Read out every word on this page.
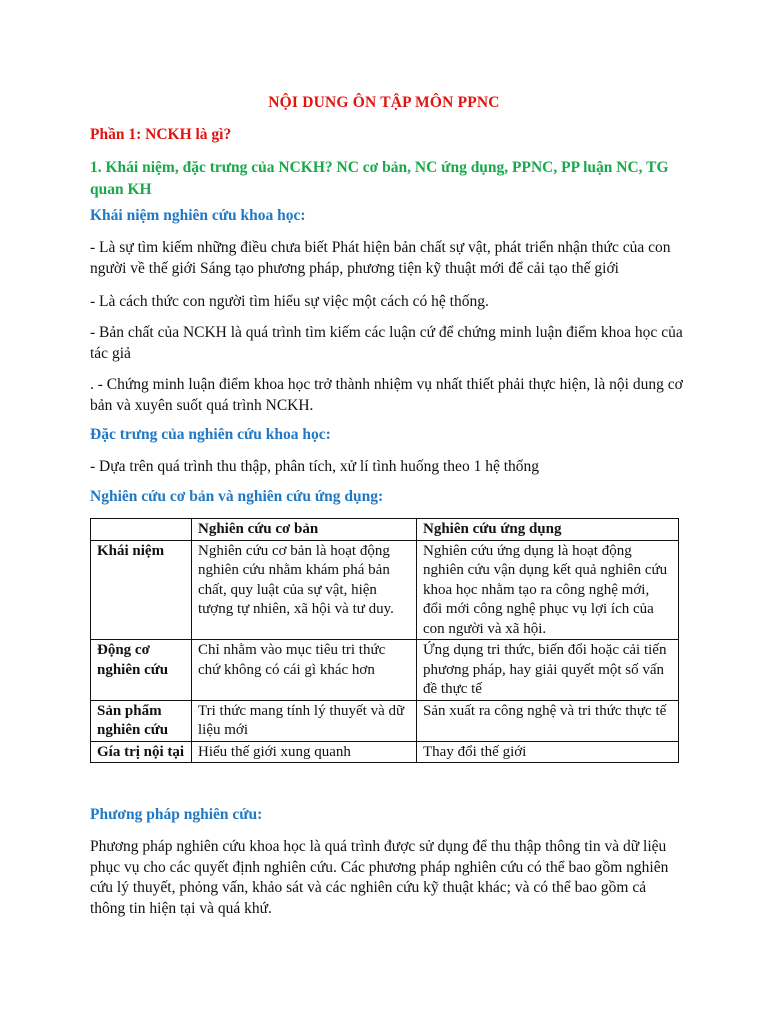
NỘI DUNG ÔN TẬP MÔN PPNC
Phần 1: NCKH là gì?
1. Khái niệm, đặc trưng của NCKH? NC cơ bản, NC ứng dụng, PPNC, PP luận NC, TG quan KH
Khái niệm nghiên cứu khoa học:
- Là sự tìm kiếm những điều chưa biết Phát hiện bản chất sự vật, phát triển nhận thức của con người về thế giới Sáng tạo phương pháp, phương tiện kỹ thuật mới để cải tạo thế giới
- Là cách thức con người tìm hiểu sự việc một cách có hệ thống.
- Bản chất của NCKH là quá trình tìm kiếm các luận cứ để chứng minh luận điểm khoa học của tác giả
. - Chứng minh luận điểm khoa học trở thành nhiệm vụ nhất thiết phải thực hiện, là nội dung cơ bản và xuyên suốt quá trình NCKH.
Đặc trưng của nghiên cứu khoa học:
- Dựa trên quá trình thu thập, phân tích, xử lí tình huống theo 1 hệ thống
Nghiên cứu cơ bản và nghiên cứu ứng dụng:
	Nghiên cứu cơ bản	Nghiên cứu ứng dụng
Khái niệm	Nghiên cứu cơ bản là hoạt động nghiên cứu nhằm khám phá bản chất, quy luật của sự vật, hiện tượng tự nhiên, xã hội và tư duy.	Nghiên cứu ứng dụng là hoạt động nghiên cứu vận dụng kết quả nghiên cứu khoa học nhằm tạo ra công nghệ mới, đổi mới công nghệ phục vụ lợi ích của con người và xã hội.
Động cơ nghiên cứu	Chỉ nhằm vào mục tiêu tri thức chứ không có cái gì khác hơn	Ứng dụng tri thức, biến đổi hoặc cải tiến phương pháp, hay giải quyết một số vấn đề thực tế
Sản phẩm nghiên cứu	Tri thức mang tính lý thuyết và dữ liệu mới	Sản xuất ra công nghệ và tri thức thực tế
Gía trị nội tại	Hiểu thế giới xung quanh	Thay đổi thế giới
Phương pháp nghiên cứu:
Phương pháp nghiên cứu khoa học là quá trình được sử dụng để thu thập thông tin và dữ liệu phục vụ cho các quyết định nghiên cứu. Các phương pháp nghiên cứu có thể bao gồm nghiên cứu lý thuyết, phỏng vấn, khảo sát và các nghiên cứu kỹ thuật khác; và có thể bao gồm cả thông tin hiện tại và quá khứ.
